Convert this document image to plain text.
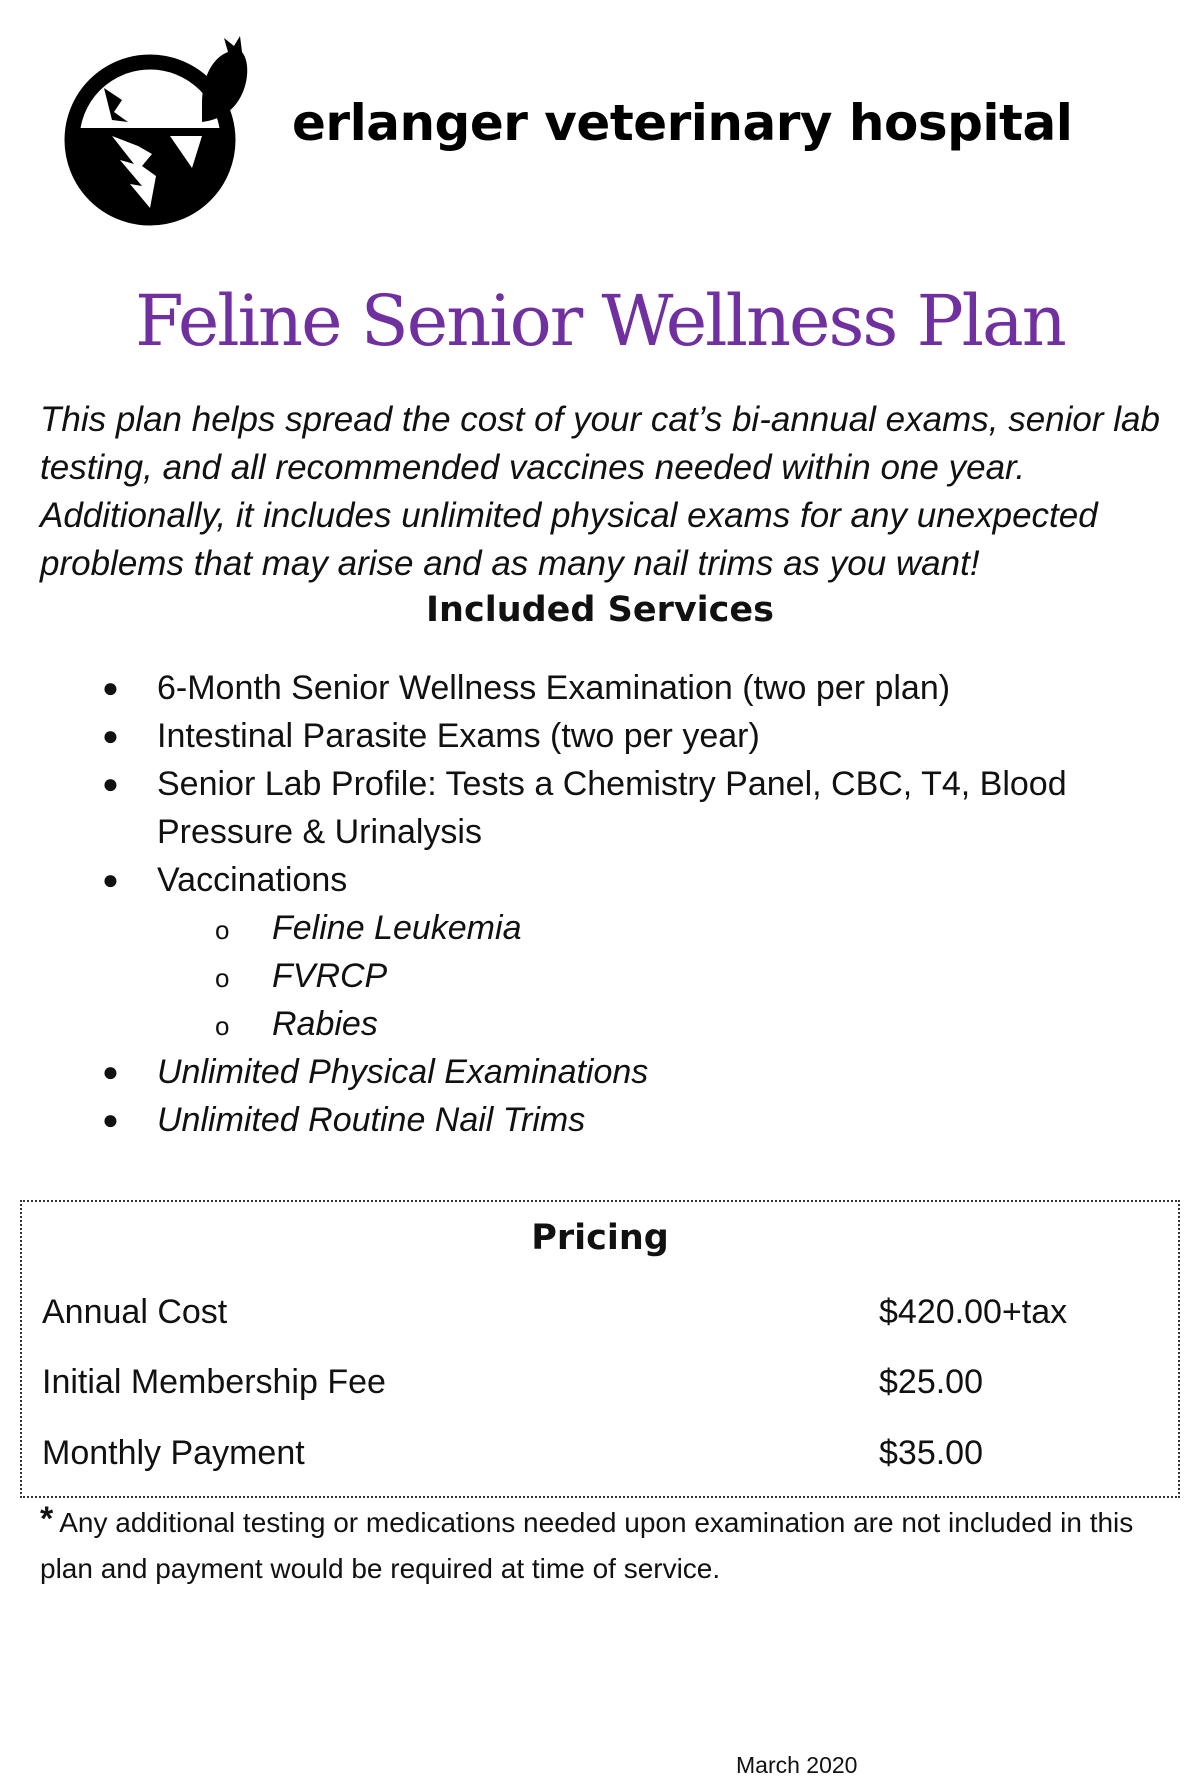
erlanger veterinary hospital
Feline Senior Wellness Plan

This plan helps spread the cost of your cat’s bi-annual exams, senior lab testing, and all recommended vaccines needed within one year. Additionally, it includes unlimited physical exams for any unexpected problems that may arise and as many nail trims as you want!

Included Services
● 6-Month Senior Wellness Examination (two per plan)
● Intestinal Parasite Exams (two per year)
● Senior Lab Profile: Tests a Chemistry Panel, CBC, T4, Blood Pressure & Urinalysis
● Vaccinations
o Feline Leukemia
o FVRCP
o Rabies
● Unlimited Physical Examinations
● Unlimited Routine Nail Trims
Pricing
Annual Cost	$420.00+tax
Initial Membership Fee	$25.00
Monthly Payment	$35.00

* Any additional testing or medications needed upon examination are not included in this plan and payment would be required at time of service.

March 2020
